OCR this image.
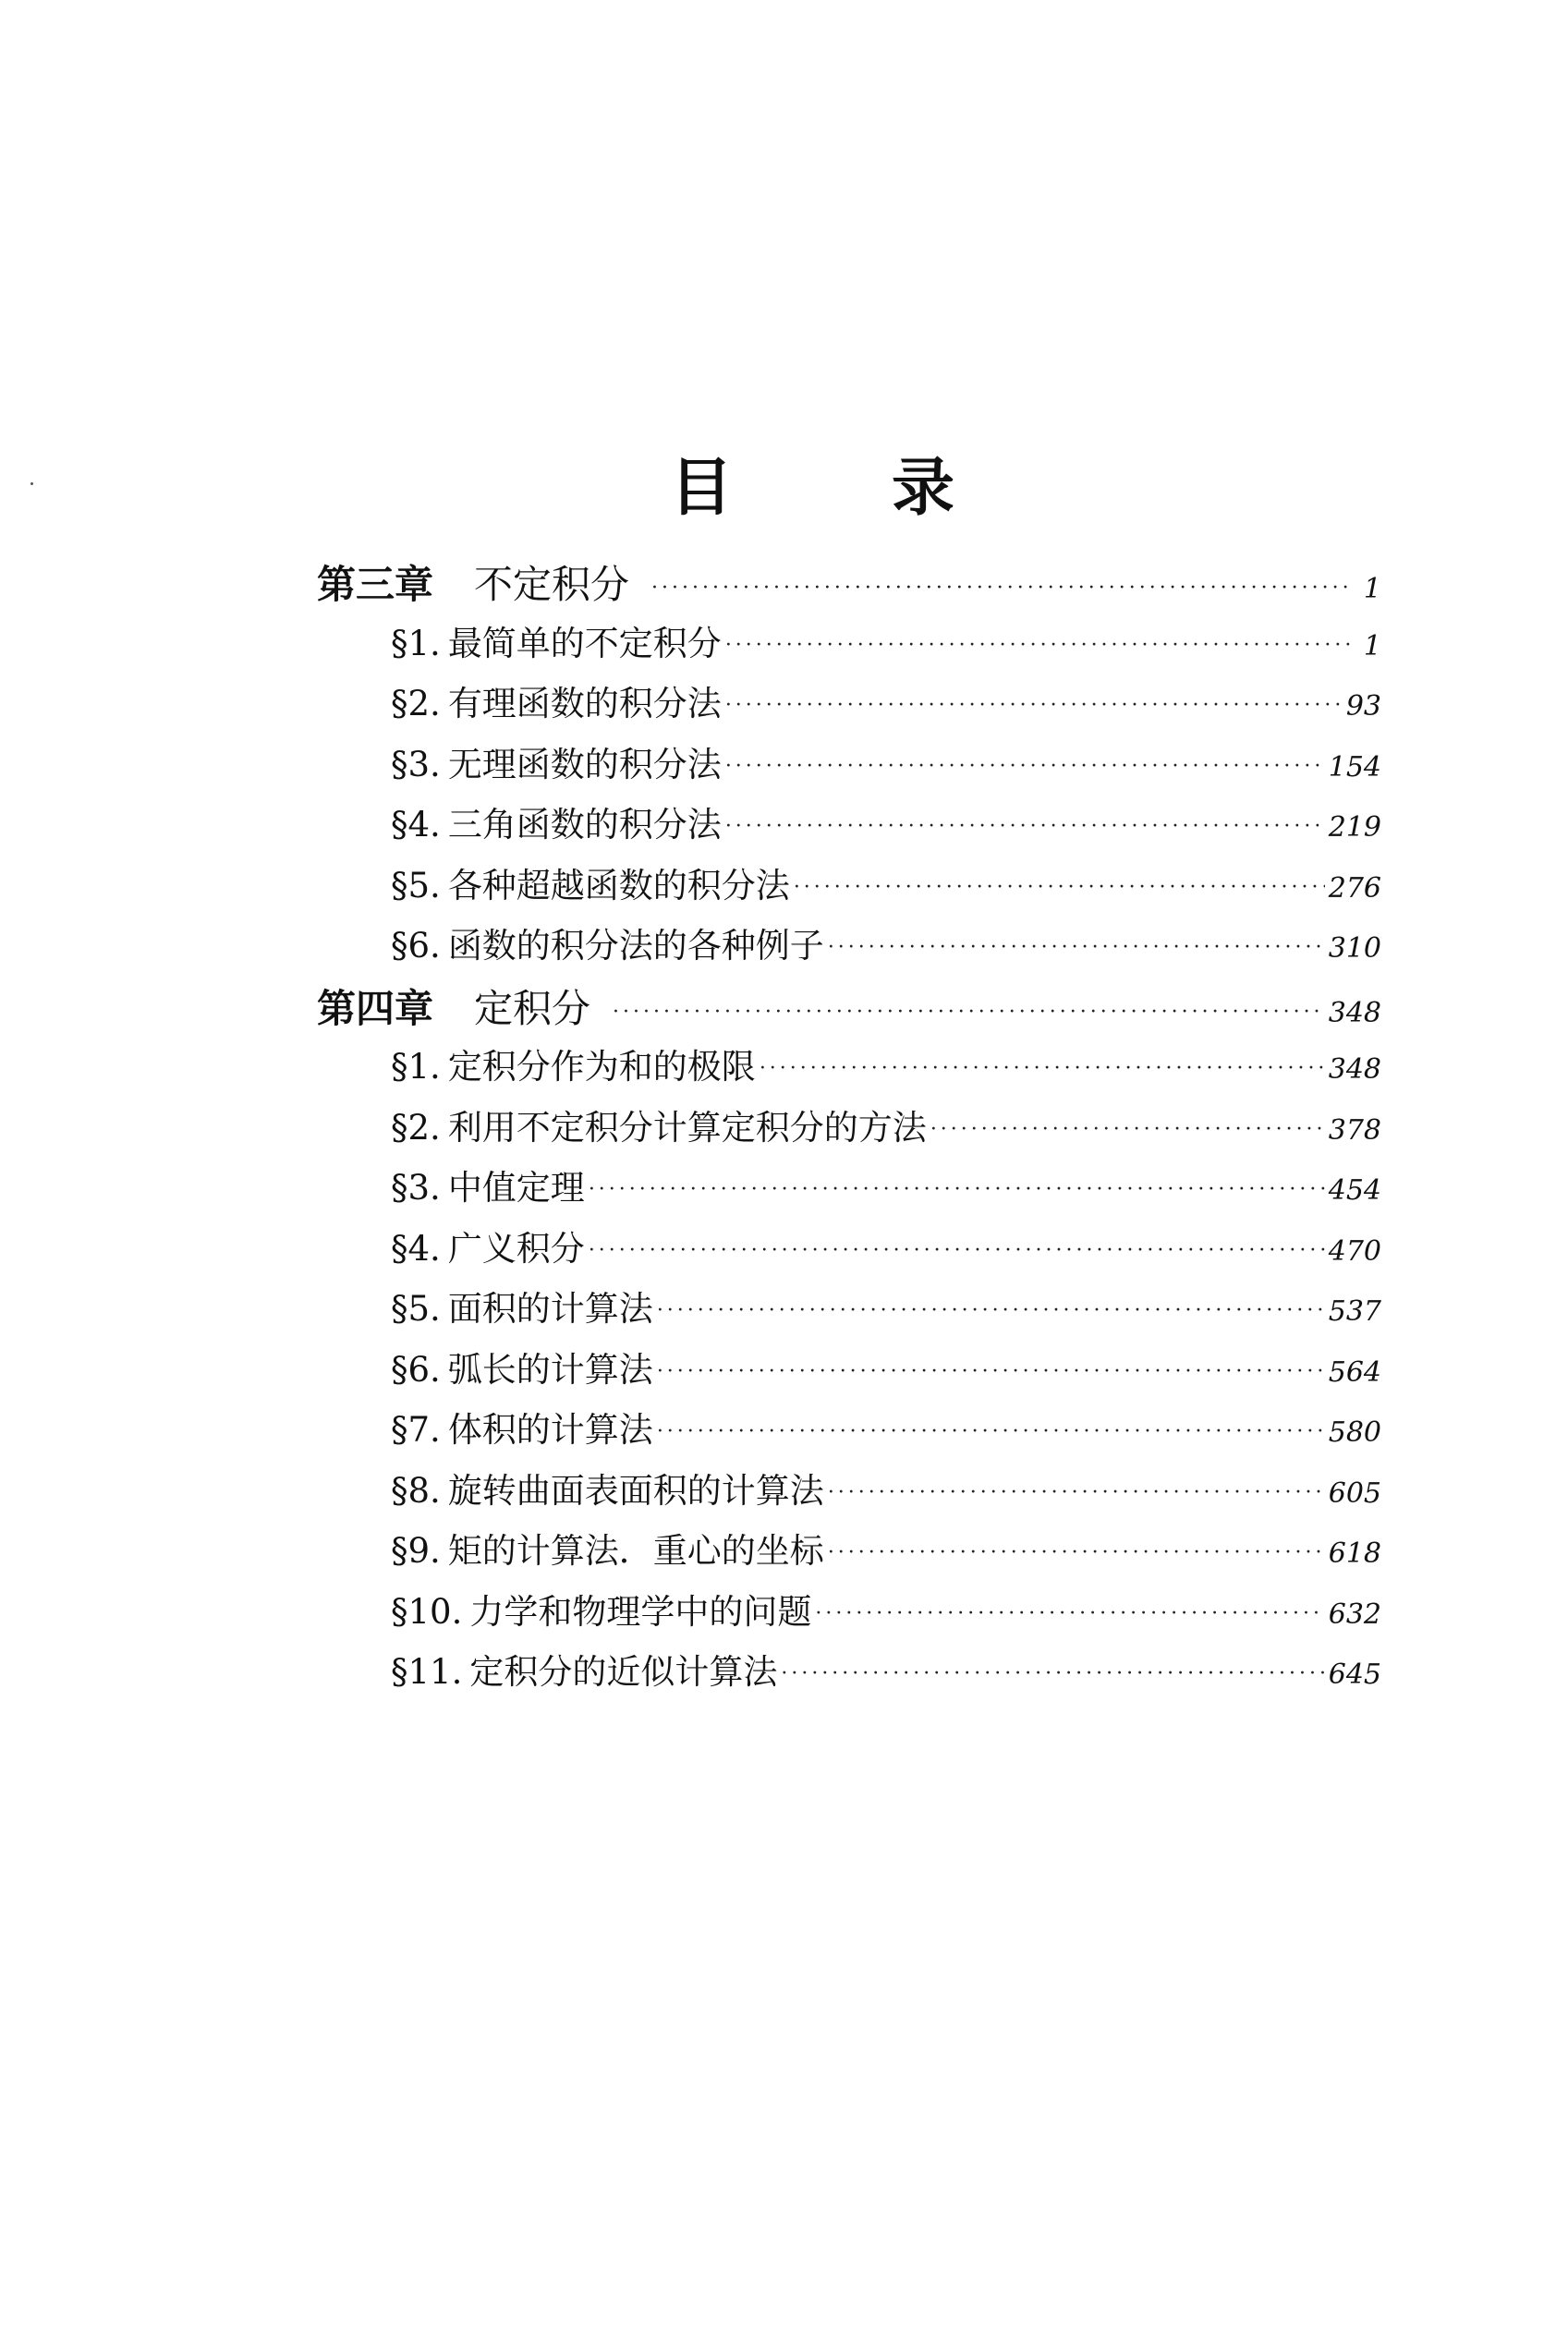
目	录
第三章 不定积分 ·····	1
§1. 最简单的不定积分 ·····	1
§2. 有理函数的积分法 ·····	93
§3. 无理函数的积分法 ·····	154
§4. 三角函数的积分法 ·····	219
§5. 各种超越函数的积分法 ·····	276
§6. 函数的积分法的各种例子 ·····	310
第四章 定积分 ·····	348
§1. 定积分作为和的极限 ·····	348
§2. 利用不定积分计算定积分的方法 ·····	378
§3. 中值定理 ·····	454
§4. 广义积分 ·····	470
§5. 面积的计算法 ·····	537
§6. 弧长的计算法 ·····	564
§7. 体积的计算法 ·····	580
§8. 旋转曲面表面积的计算法 ·····	605
§9. 矩的计算法．重心的坐标 ·····	618
§10. 力学和物理学中的问题 ·····	632
§11. 定积分的近似计算法 ·····	645
